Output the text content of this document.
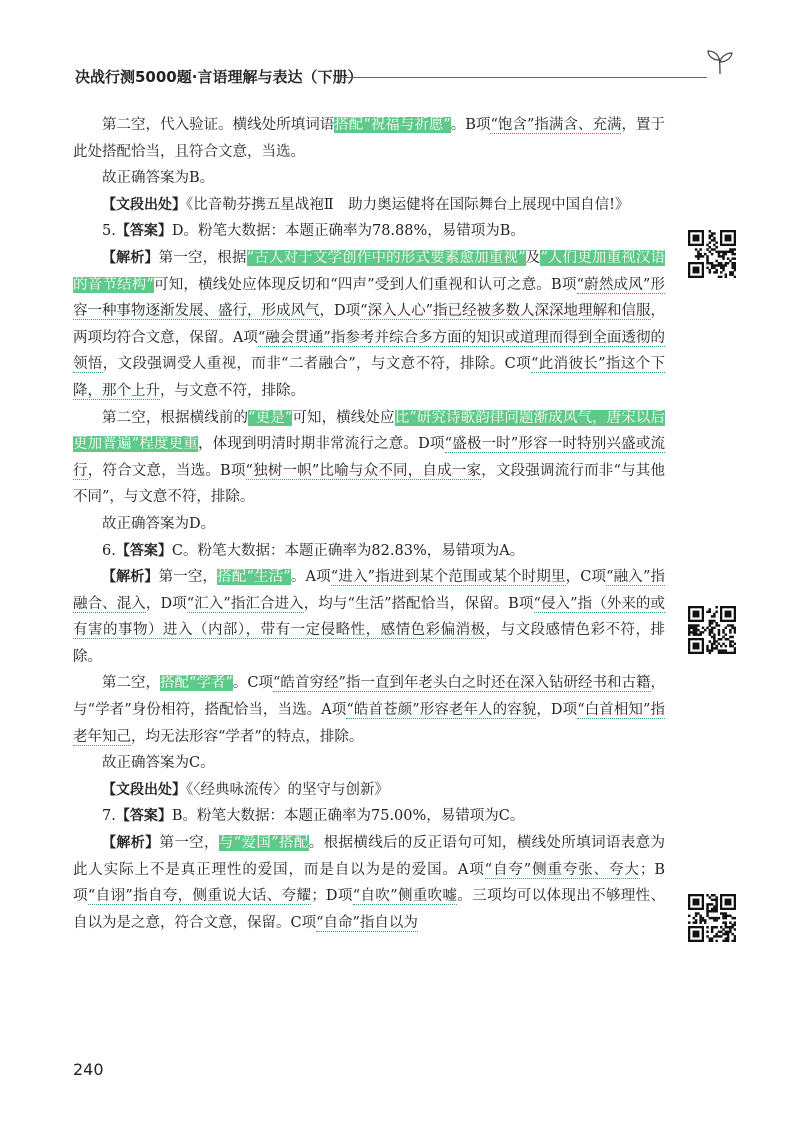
决战行测5000题·言语理解与表达（下册）

第二空，代入验证。横线处所填词语搭配“祝福与祈愿”。B项“饱含”指满含、充满，置于此处搭配恰当，且符合文意，当选。

故正确答案为B。

【文段出处】《比音勒芬携五星战袍Ⅱ　助力奥运健将在国际舞台上展现中国自信!》

5.【答案】D。粉笔大数据：本题正确率为78.88%，易错项为B。

【解析】第一空，根据“古人对于文学创作中的形式要素愈加重视”及“人们更加重视汉语的音节结构”可知，横线处应体现反切和“四声”受到人们重视和认可之意。B项“蔚然成风”形容一种事物逐渐发展、盛行，形成风气，D项“深入人心”指已经被多数人深深地理解和信服，两项均符合文意，保留。A项“融会贯通”指参考并综合多方面的知识或道理而得到全面透彻的领悟，文段强调受人重视，而非“二者融合”，与文意不符，排除。C项“此消彼长”指这个下降，那个上升，与文意不符，排除。

第二空，根据横线前的“更是”可知，横线处应比“研究诗歌韵律问题渐成风气，唐宋以后更加普遍”程度更重，体现到明清时期非常流行之意。D项“盛极一时”形容一时特别兴盛或流行，符合文意，当选。B项“独树一帜”比喻与众不同，自成一家，文段强调流行而非“与其他不同”，与文意不符，排除。

故正确答案为D。

6.【答案】C。粉笔大数据：本题正确率为82.83%，易错项为A。

【解析】第一空，搭配“生活”。A项“进入”指进到某个范围或某个时期里，C项“融入”指融合、混入，D项“汇入”指汇合进入，均与“生活”搭配恰当，保留。B项“侵入”指（外来的或有害的事物）进入（内部），带有一定侵略性，感情色彩偏消极，与文段感情色彩不符，排除。

第二空，搭配“学者”。C项“皓首穷经”指一直到年老头白之时还在深入钻研经书和古籍，与“学者”身份相符，搭配恰当，当选。A项“皓首苍颜”形容老年人的容貌，D项“白首相知”指老年知己，均无法形容“学者”的特点，排除。

故正确答案为C。

【文段出处】《〈经典咏流传〉的坚守与创新》

7.【答案】B。粉笔大数据：本题正确率为75.00%，易错项为C。

【解析】第一空，与“爱国”搭配。根据横线后的反正语句可知，横线处所填词语表意为此人实际上不是真正理性的爱国，而是自以为是的爱国。A项“自夸”侧重夸张、夸大；B项“自诩”指自夸，侧重说大话、夸耀；D项“自吹”侧重吹嘘。三项均可以体现出不够理性、自以为是之意，符合文意，保留。C项“自命”指自以为

240
